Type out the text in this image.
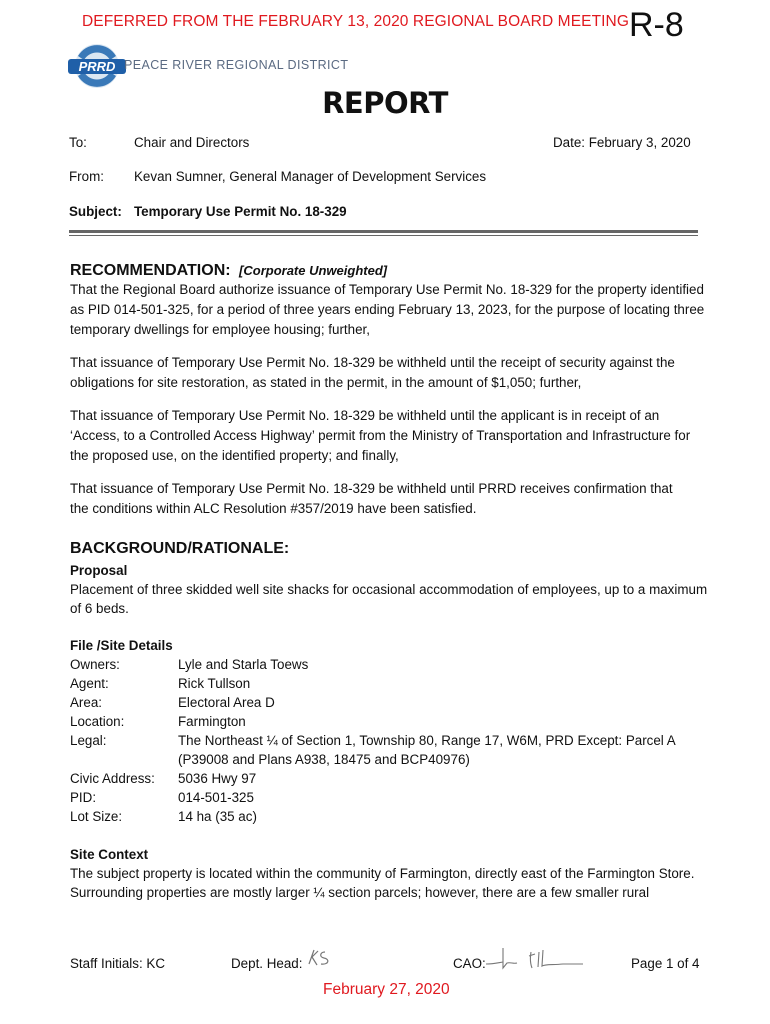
DEFERRED FROM THE FEBRUARY 13, 2020 REGIONAL BOARD MEETING R-8
PRRD PEACE RIVER REGIONAL DISTRICT
REPORT
To:	Chair and Directors	Date: February 3, 2020
From: Kevan Sumner, General Manager of Development Services
Subject: Temporary Use Permit No. 18-329
RECOMMENDATION: [Corporate Unweighted]
That the Regional Board authorize issuance of Temporary Use Permit No. 18-329 for the property identified
as PID 014-501-325, for a period of three years ending February 13, 2023, for the purpose of locating three
temporary dwellings for employee housing; further,
That issuance of Temporary Use Permit No. 18-329 be withheld until the receipt of security against the
obligations for site restoration, as stated in the permit, in the amount of $1,050; further,
That issuance of Temporary Use Permit No. 18-329 be withheld until the applicant is in receipt of an
‘Access, to a Controlled Access Highway’ permit from the Ministry of Transportation and Infrastructure for
the proposed use, on the identified property; and finally,
That issuance of Temporary Use Permit No. 18-329 be withheld until PRRD receives confirmation that
the conditions within ALC Resolution #357/2019 have been satisfied.
BACKGROUND/RATIONALE:
Proposal
Placement of three skidded well site shacks for occasional accommodation of employees, up to a maximum
of 6 beds.
File /Site Details
Owners:	Lyle and Starla Toews
Agent:	Rick Tullson
Area:	Electoral Area D
Location:	Farmington
Legal:	The Northeast ¼ of Section 1, Township 80, Range 17, W6M, PRD Except: Parcel A
(P39008 and Plans A938, 18475 and BCP40976)
Civic Address: 5036 Hwy 97
PID:	014-501-325
Lot Size:	14 ha (35 ac)
Site Context
The subject property is located within the community of Farmington, directly east of the Farmington Store.
Surrounding properties are mostly larger ¼ section parcels; however, there are a few smaller rural
Staff Initials: KC	Dept. Head:	CAO:	Page 1 of 4
February 27, 2020
